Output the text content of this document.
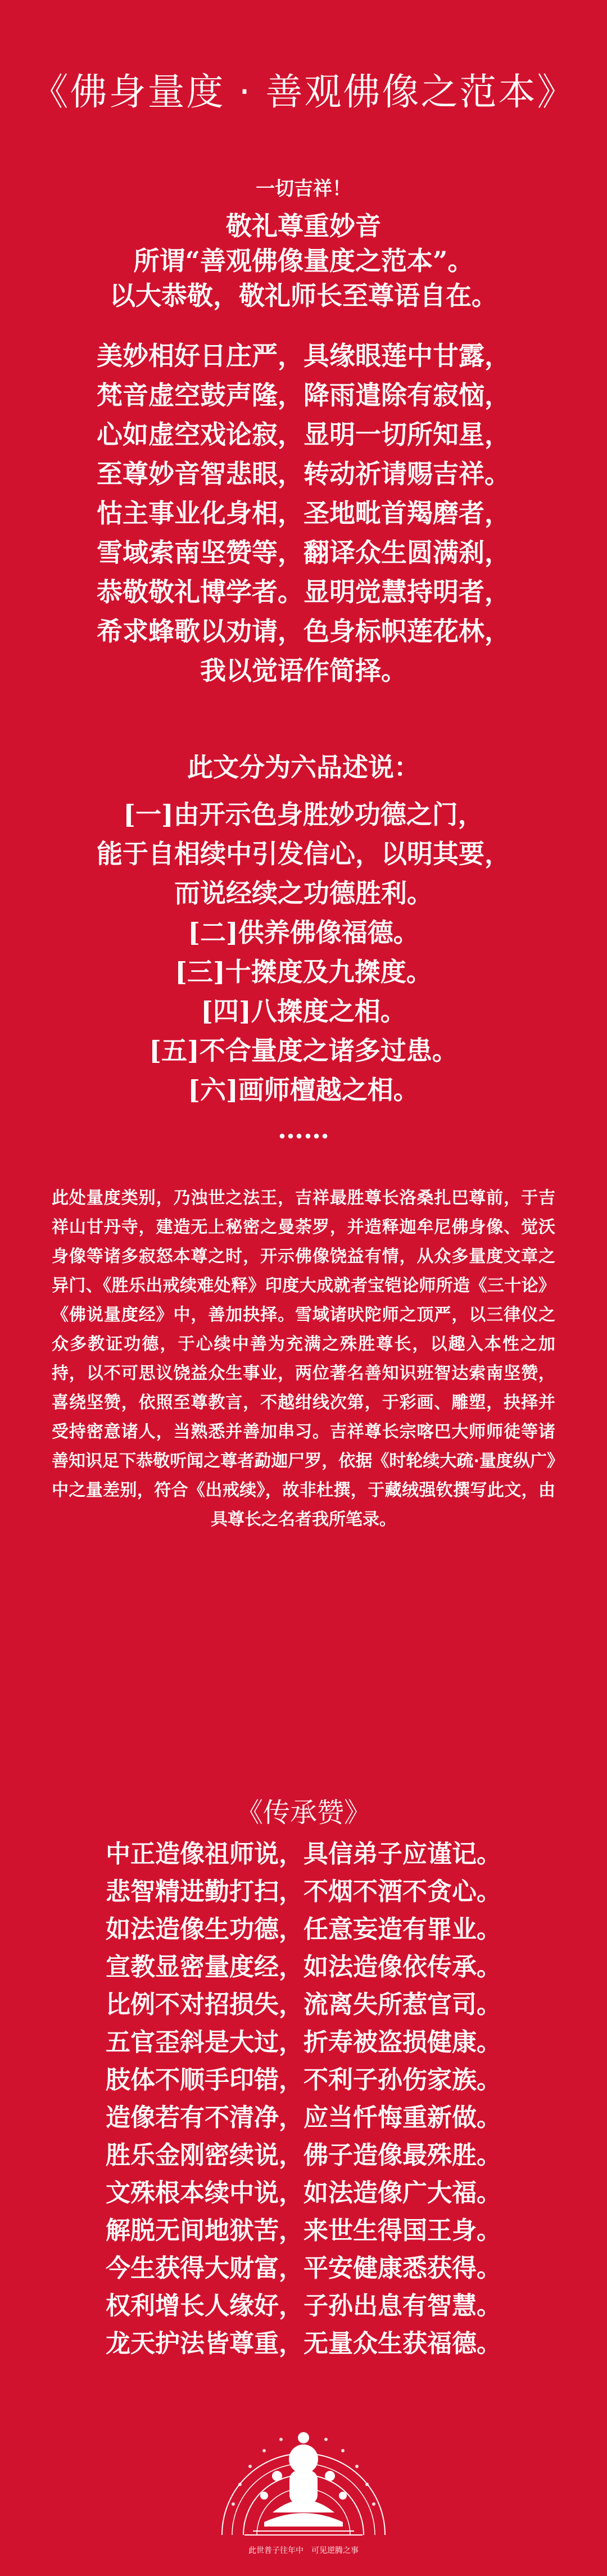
《佛身量度 · 善观佛像之范本》
一切吉祥！
敬礼尊重妙音
所谓“善观佛像量度之范本”。
以大恭敬，敬礼师长至尊语自在。
美妙相好日庄严，具缘眼莲中甘露，
梵音虚空鼓声隆，降雨遣除有寂恼，
心如虚空戏论寂，显明一切所知星，
至尊妙音智悲眼，转动祈请赐吉祥。
怙主事业化身相，圣地毗首羯磨者，
雪域索南坚赞等，翻译众生圆满刹，
恭敬敬礼博学者。显明觉慧持明者，
希求蜂歌以劝请，色身标帜莲花林，
我以觉语作简择。
此文分为六品述说：
[一]由开示色身胜妙功德之门，
能于自相续中引发信心，以明其要，
而说经续之功德胜利。
[二]供养佛像福德。
[三]十搩度及九搩度。
[四]八搩度之相。
[五]不合量度之诸多过患。
[六]画师檀越之相。
……
此处量度类别，乃浊世之法王，吉祥最胜尊长洛桑扎巴尊前，于吉祥山甘丹寺，建造无上秘密之曼荼罗，并造释迦牟尼佛身像、觉沃身像等诸多寂怒本尊之时，开示佛像饶益有情，从众多量度文章之异门、《胜乐出戒续难处释》印度大成就者宝铠论师所造《三十论》《佛说量度经》中，善加抉择。雪域诸吠陀师之顶严，以三律仪之众多教证功德，于心续中善为充满之殊胜尊长，以趣入本性之加持，以不可思议饶益众生事业，两位著名善知识班智达索南坚赞，喜绕坚赞，依照至尊教言，不越绀线次第，于彩画、雕塑，抉择并受持密意诸人，当熟悉并善加串习。吉祥尊长宗喀巴大师师徒等诸善知识足下恭敬听闻之尊者勐迦尸罗，依据《时轮续大疏·量度纵广》中之量差别，符合《出戒续》，故非杜撰，于藏绒强钦撰写此文，由具尊长之名者我所笔录。
《传承赞》
中正造像祖师说，具信弟子应谨记。
悲智精进勤打扫，不烟不酒不贪心。
如法造像生功德，任意妄造有罪业。
宣教显密量度经，如法造像依传承。
比例不对招损失，流离失所惹官司。
五官歪斜是大过，折寿被盗损健康。
肢体不顺手印错，不利子孙伤家族。
造像若有不清净，应当忏悔重新做。
胜乐金刚密续说，佛子造像最殊胜。
文殊根本续中说，如法造像广大福。
解脱无间地狱苦，来世生得国王身。
今生获得大财富，平安健康悉获得。
权利增长人缘好，子孙出息有智慧。
龙天护法皆尊重，无量众生获福德。
此世普子往年中　可见逆腾之事
